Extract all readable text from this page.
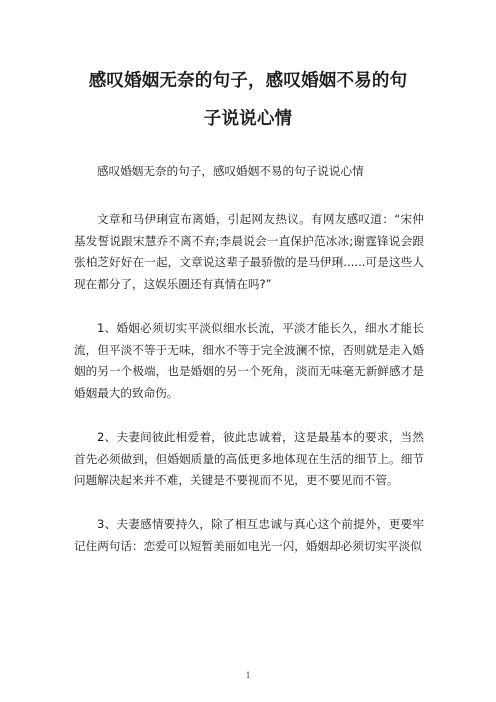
感叹婚姻无奈的句子，感叹婚姻不易的句
子说说心情

感叹婚姻无奈的句子，感叹婚姻不易的句子说说心情

文章和马伊琍宣布离婚，引起网友热议。有网友感叹道：“宋仲基发誓说跟宋慧乔不离不弃;李晨说会一直保护范冰冰;谢霆锋说会跟张柏芝好好在一起，文章说这辈子最骄傲的是马伊琍......可是这些人现在都分了，这娱乐圈还有真情在吗?”

1、婚姻必须切实平淡似细水长流，平淡才能长久，细水才能长流，但平淡不等于无味，细水不等于完全波澜不惊，否则就是走入婚姻的另一个极端，也是婚姻的另一个死角，淡而无味毫无新鲜感才是婚姻最大的致命伤。

2、夫妻间彼此相爱着，彼此忠诚着，这是最基本的要求，当然首先必须做到，但婚姻质量的高低更多地体现在生活的细节上。细节问题解决起来并不难，关键是不要视而不见，更不要见而不管。

3、夫妻感情要持久，除了相互忠诚与真心这个前提外，更要牢记住两句话：恋爱可以短暂美丽如电光一闪，婚姻却必须切实平淡似

1
